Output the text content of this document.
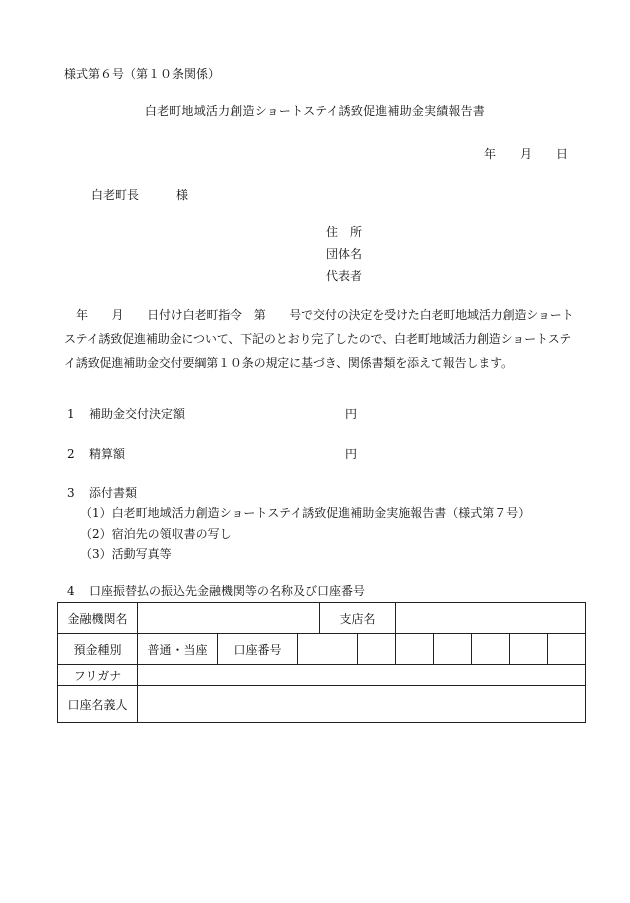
様式第６号（第１０条関係）
白老町地域活力創造ショートステイ誘致促進補助金実績報告書
年 月 日
白老町長	様
住　所
団体名
代表者
年　　月　　日付け白老町指令　第　　号で交付の決定を受けた白老町地域活力創造ショートステイ誘致促進補助金について、下記のとおり完了したので、白老町地域活力創造ショートステイ誘致促進補助金交付要綱第１０条の規定に基づき、関係書類を添えて報告します。
1 補助金交付決定額	円
2 精算額	円
3 添付書類
（1）白老町地域活力創造ショートステイ誘致促進補助金実施報告書（様式第７号）
（2）宿泊先の領収書の写し
（3）活動写真等
4 口座振替払の振込先金融機関等の名称及び口座番号
金融機関名				支店名						
預金種別	普通・当座	口座番号								
フリガナ										
口座名義人										
